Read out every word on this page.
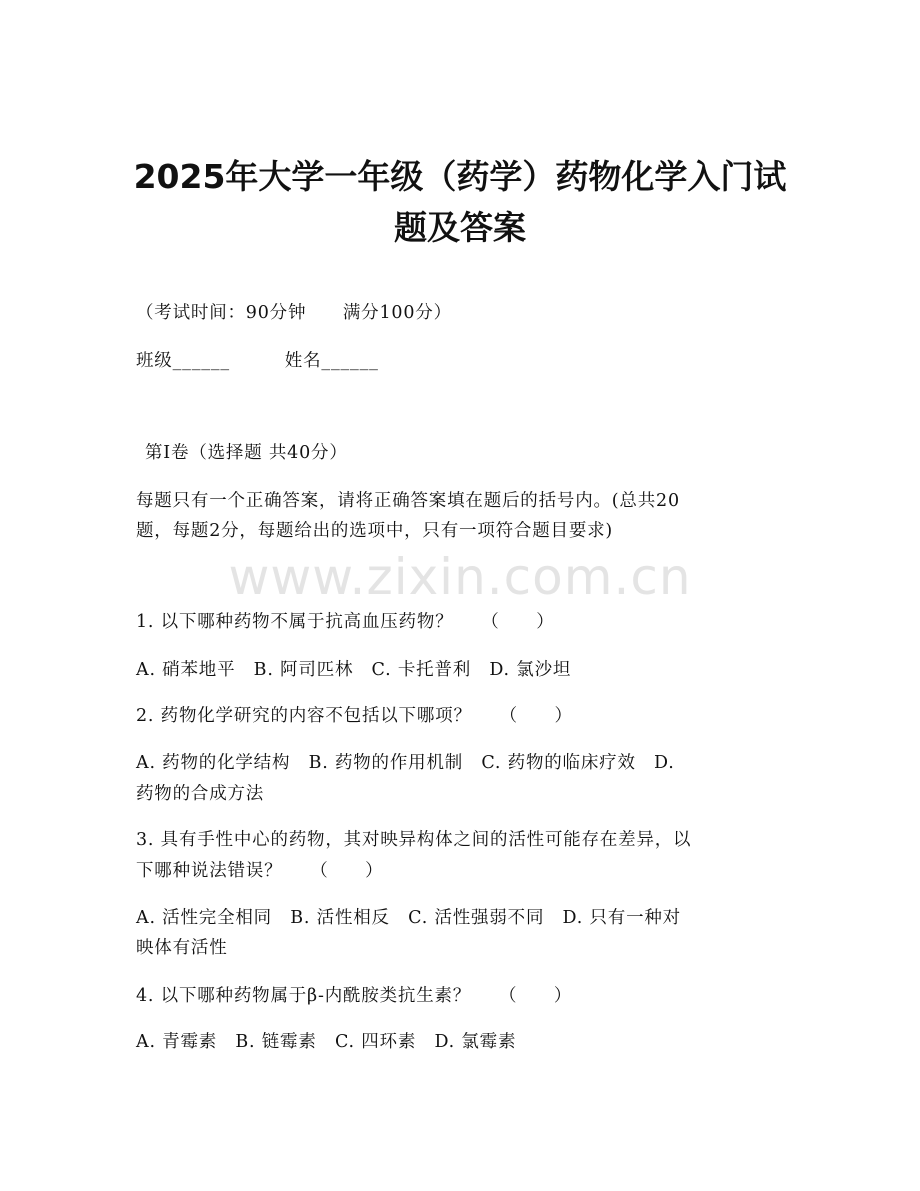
www.zixin.com.cn
2025年大学一年级（药学）药物化学入门试
题及答案
（考试时间：90分钟　　满分100分）
班级______　　　姓名______
第Ⅰ卷（选择题 共40分）
每题只有一个正确答案，请将正确答案填在题后的括号内。(总共20
题，每题2分，每题给出的选项中，只有一项符合题目要求)
1. 以下哪种药物不属于抗高血压药物？　　（　　）
A. 硝苯地平　B. 阿司匹林　C. 卡托普利　D. 氯沙坦
2. 药物化学研究的内容不包括以下哪项？　　（　　）
A. 药物的化学结构　B. 药物的作用机制　C. 药物的临床疗效　D.
药物的合成方法
3. 具有手性中心的药物，其对映异构体之间的活性可能存在差异，以
下哪种说法错误？　　（　　）
A. 活性完全相同　B. 活性相反　C. 活性强弱不同　D. 只有一种对
映体有活性
4. 以下哪种药物属于β-内酰胺类抗生素？　　（　　）
A. 青霉素　B. 链霉素　C. 四环素　D. 氯霉素
